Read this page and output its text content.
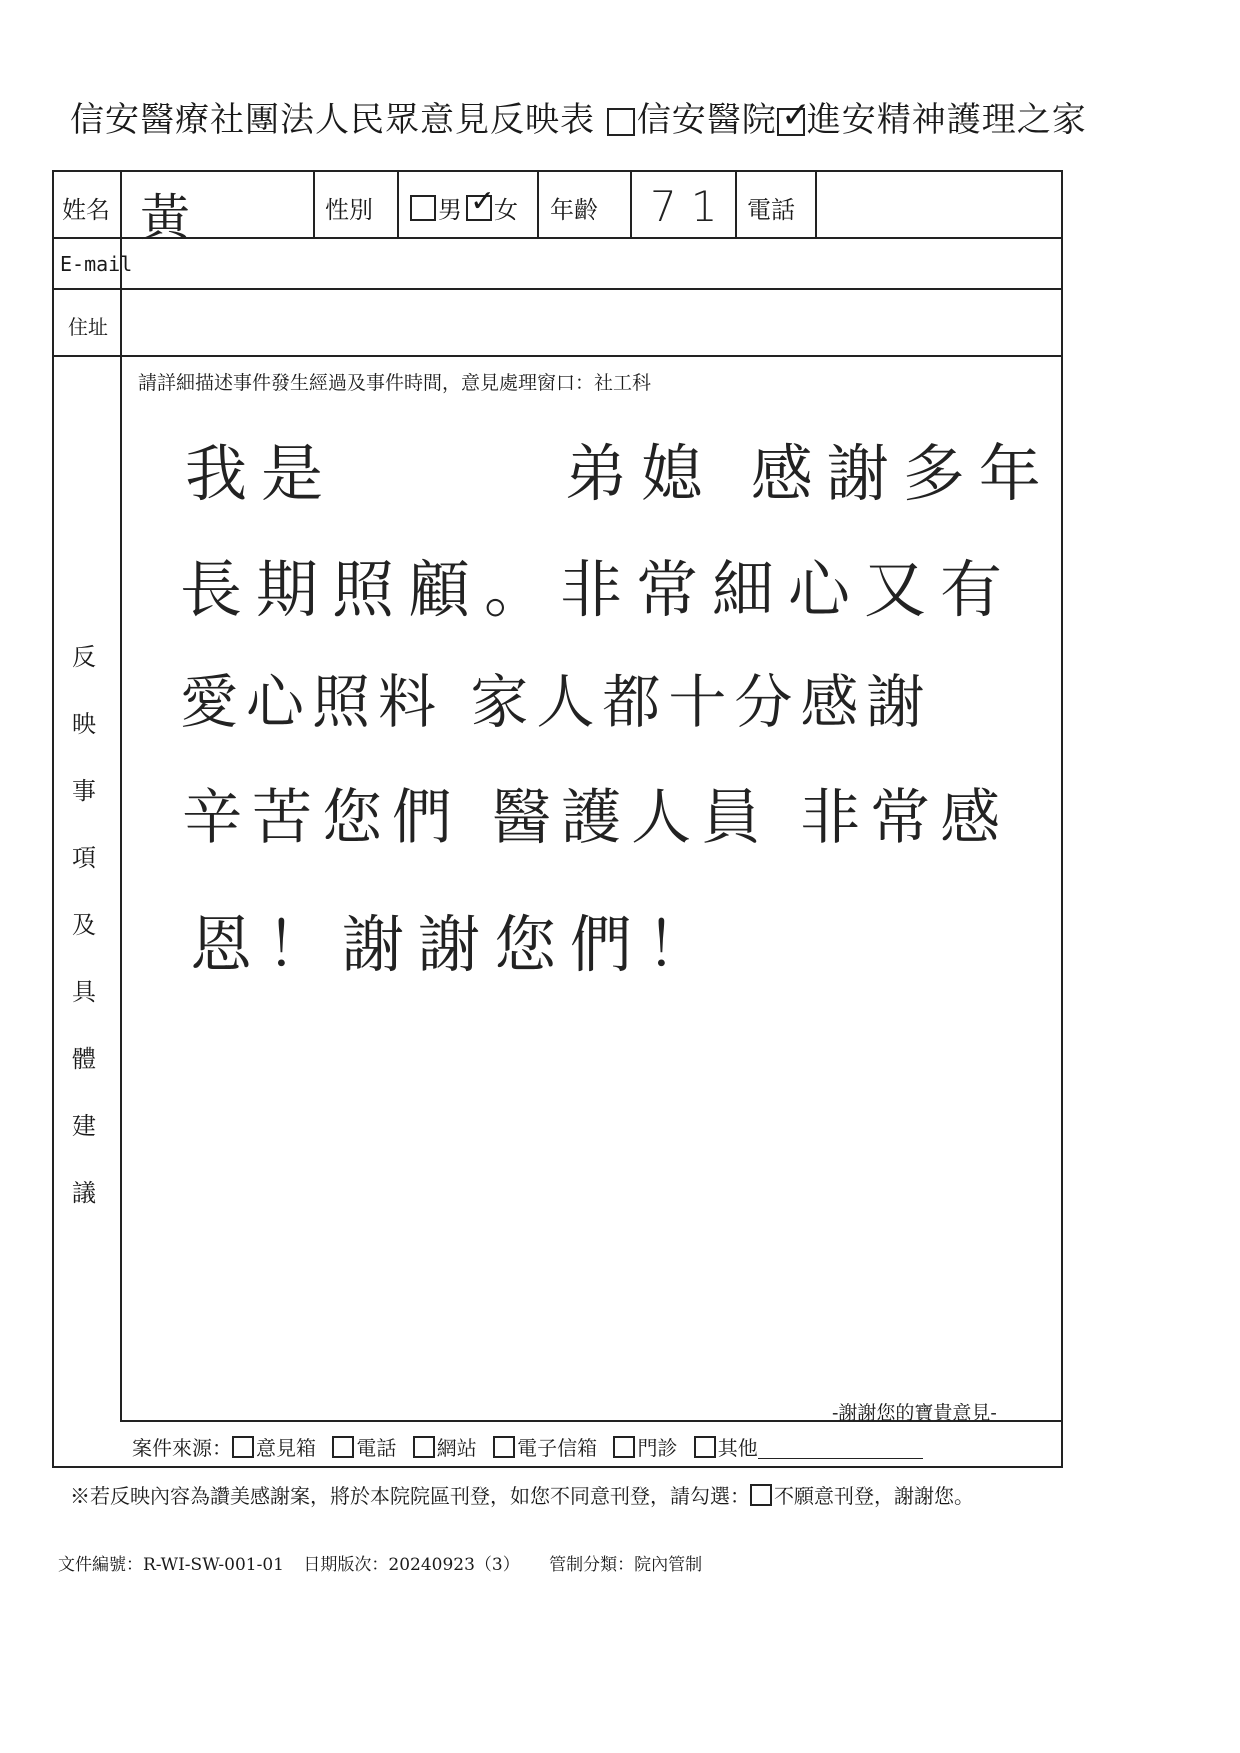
信安醫療社團法人民眾意見反映表 信安醫院 ✓
進安精神護理之家
姓名 黃	性別	男 ✓
女 年齡 71 電話
E-mail
住址
反
映
事
項
及
具
體
建
議
請詳細描述事件發生經過及事件時間，意見處理窗口：社工科
我是　　　弟媳 感謝多年
長期照顧。非常細心又有
愛心照料 家人都十分感謝
辛苦您們 醫護人員 非常感
恩！謝謝您們！
-謝謝您的寶貴意見-
案件來源： 意見箱 電話 網站 電子信箱 門診 其他
※若反映內容為讚美感謝案，將於本院院區刊登，如您不同意刊登，請勾選： 不願意刊登，謝謝您。
文件編號：R-WI-SW-001-01 日期版次：20240923（3） 管制分類：院內管制
